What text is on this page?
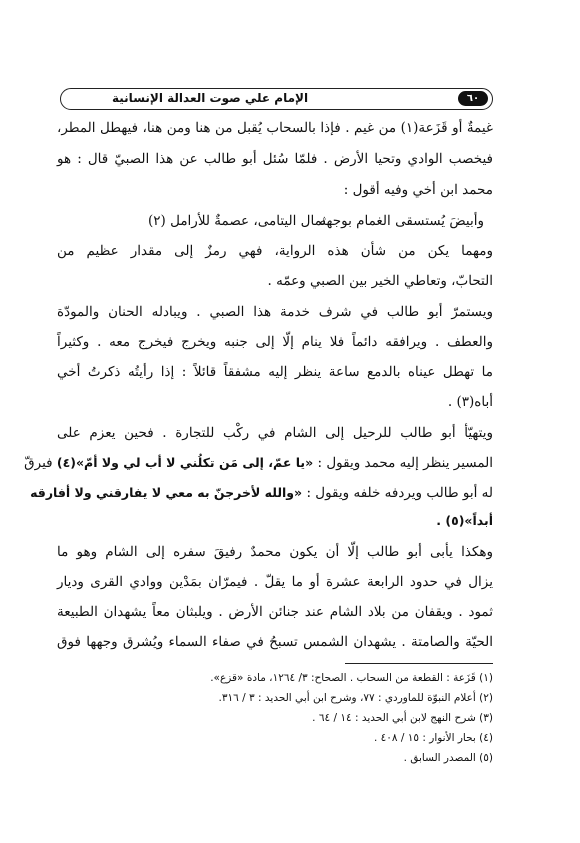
٦٠
الإمام علي صوت العدالة الإنسانية
غيمةٌ أو قَزَعة(١) من غيم . فإذا بالسحاب يُقبل من هنا ومن هنا، فيهطل المطر،
فيخصب الوادي وتحيا الأرض . فلمّا سُئل أبو طالب عن هذا الصبيّ قال : هو
محمد ابن أخي وفيه أقول :
وأبيضَ يُستسقى الغمام بوجهه
ثمال اليتامى، عصمةٌ للأرامل (٢)
ومهما يكن من شأن هذه الرواية، فهي رمزٌ إلى مقدار عظيم من
التحابّ، وتعاطي الخير بين الصبي وعمّه .
ويستمرّ أبو طالب في شرف خدمة هذا الصبي . ويبادله الحنان والمودّة
والعطف . ويرافقه دائماً فلا ينام إلّا إلى جنبه ويخرج فيخرج معه . وكثيراً
ما تهطل عيناه بالدمع ساعة ينظر إليه مشفقاً قائلاً : إذا رأيتُه ذكرتُ أخي
أباه(٣) .
ويتهيّأ أبو طالب للرحيل إلى الشام في ركْب للتجارة . فحين يعزم على
المسير ينظر إليه محمد ويقول : «يا عمّ، إلى مَن تكلُني لا أب لي ولا أمّ»(٤) فيرقّ
له أبو طالب ويردفه خلفه ويقول : «والله لأخرجنّ به معي لا يفارقني ولا أفارقه
أبداً»(٥) .
وهكذا يأبى أبو طالب إلّا أن يكون محمدٌ رفيقَ سفره إلى الشام وهو ما
يزال في حدود الرابعة عشرة أو ما يقلّ . فيمرّان بمَدْين ووادي القرى وديار
ثمود . ويقفان من بلاد الشام عند جنائن الأرض . ويلبثان معاً يشهدان الطبيعة
الحيّة والصامتة . يشهدان الشمس تسبحُ في صفاء السماء ويُشرق وجهها فوق
(١) قَزَعة : القطعة من السحاب . الصحاح: ٣/ ١٢٦٤، مادة «قزع».
(٢) أعلام النبوّة للماوردي : ٧٧، وشرح ابن أبي الحديد : ٣ / ٣١٦.
(٣) شرح النهج لابن أبي الحديد : ١٤ / ٦٤ .
(٤) بحار الأنوار : ١٥ / ٤٠٨ .
(٥) المصدر السابق .
